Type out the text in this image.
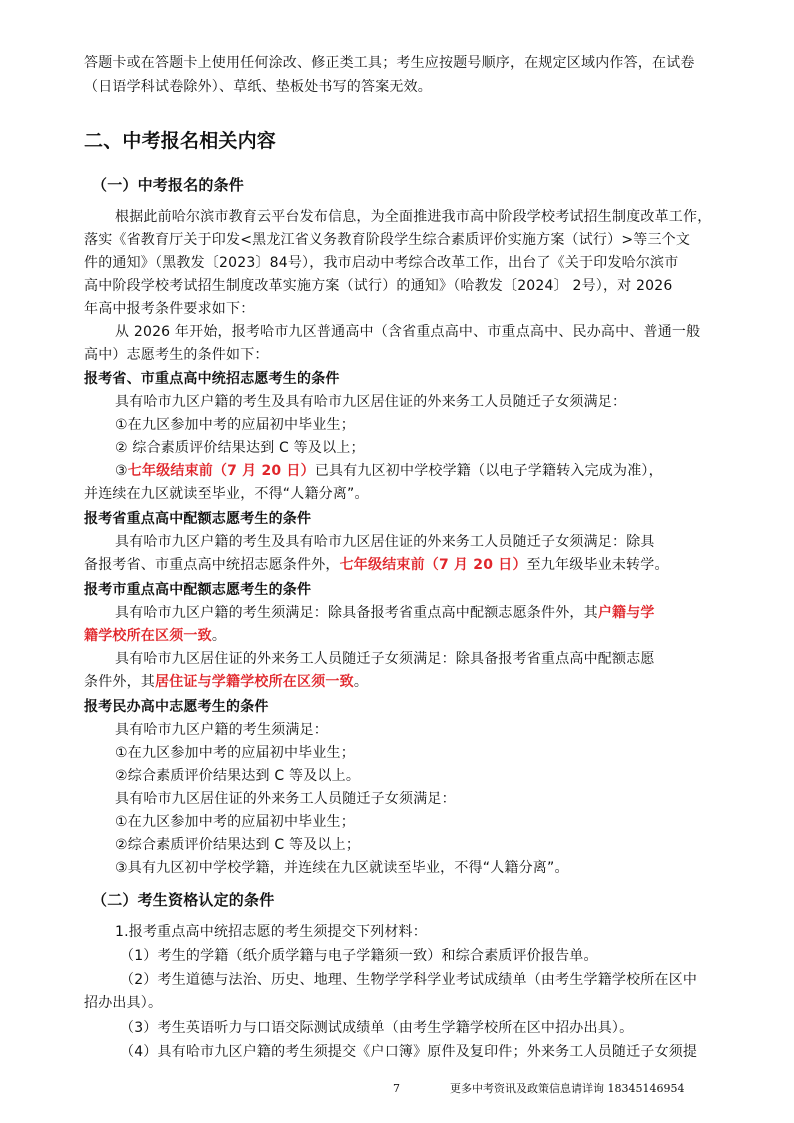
答题卡或在答题卡上使用任何涂改、修正类工具；考生应按题号顺序，在规定区域内作答，在试卷
（日语学科试卷除外）、草纸、垫板处书写的答案无效。
二、中考报名相关内容
（一）中考报名的条件
根据此前哈尔滨市教育云平台发布信息，为全面推进我市高中阶段学校考试招生制度改革工作，
落实《省教育厅关于印发<黑龙江省义务教育阶段学生综合素质评价实施方案（试行）>等三个文
件的通知》（黑教发〔2023〕84号），我市启动中考综合改革工作，出台了《关于印发哈尔滨市
高中阶段学校考试招生制度改革实施方案（试行）的通知》（哈教发〔2024〕 2号），对 2026
年高中报考条件要求如下：
从 2026 年开始，报考哈市九区普通高中（含省重点高中、市重点高中、民办高中、普通一般
高中）志愿考生的条件如下：
报考省、市重点高中统招志愿考生的条件
具有哈市九区户籍的考生及具有哈市九区居住证的外来务工人员随迁子女须满足：
①在九区参加中考的应届初中毕业生；
② 综合素质评价结果达到 C 等及以上；
③七年级结束前（7 月 20 日）已具有九区初中学校学籍（以电子学籍转入完成为准），
并连续在九区就读至毕业，不得“人籍分离”。
报考省重点高中配额志愿考生的条件
具有哈市九区户籍的考生及具有哈市九区居住证的外来务工人员随迁子女须满足：除具
备报考省、市重点高中统招志愿条件外，七年级结束前（7 月 20 日）至九年级毕业未转学。
报考市重点高中配额志愿考生的条件
具有哈市九区户籍的考生须满足：除具备报考省重点高中配额志愿条件外，其户籍与学
籍学校所在区须一致。
具有哈市九区居住证的外来务工人员随迁子女须满足：除具备报考省重点高中配额志愿
条件外，其居住证与学籍学校所在区须一致。
报考民办高中志愿考生的条件
具有哈市九区户籍的考生须满足：
①在九区参加中考的应届初中毕业生；
②综合素质评价结果达到 C 等及以上。
具有哈市九区居住证的外来务工人员随迁子女须满足：
①在九区参加中考的应届初中毕业生；
②综合素质评价结果达到 C 等及以上；
③具有九区初中学校学籍，并连续在九区就读至毕业，不得“人籍分离”。
（二）考生资格认定的条件
1.报考重点高中统招志愿的考生须提交下列材料：
（1）考生的学籍（纸介质学籍与电子学籍须一致）和综合素质评价报告单。
（2）考生道德与法治、历史、地理、生物学学科学业考试成绩单（由考生学籍学校所在区中
招办出具）。
（3）考生英语听力与口语交际测试成绩单（由考生学籍学校所在区中招办出具）。
（4）具有哈市九区户籍的考生须提交《户口簿》原件及复印件；外来务工人员随迁子女须提
7	更多中考资讯及政策信息请详询 18345146954
